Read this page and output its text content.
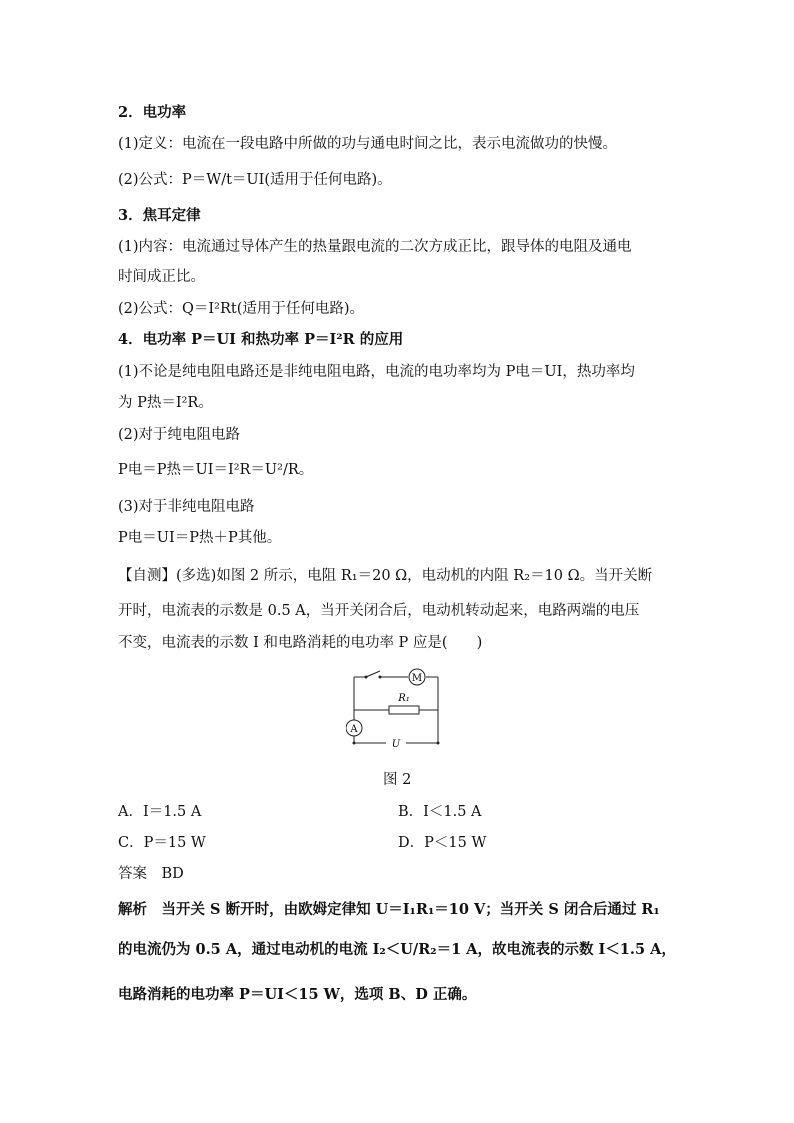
2．电功率
(1)定义：电流在一段电路中所做的功与通电时间之比，表示电流做功的快慢。
(2)公式：P＝W/t＝UI(适用于任何电路)。
3．焦耳定律
(1)内容：电流通过导体产生的热量跟电流的二次方成正比，跟导体的电阻及通电
时间成正比。
(2)公式：Q＝I²Rt(适用于任何电路)。
4．电功率 P＝UI 和热功率 P＝I²R 的应用
(1)不论是纯电阻电路还是非纯电阻电路，电流的电功率均为 P电＝UI，热功率均
为 P热＝I²R。
(2)对于纯电阻电路
P电＝P热＝UI＝I²R＝U²/R。
(3)对于非纯电阻电路
P电＝UI＝P热＋P其他。
【自测】(多选)如图 2 所示，电阻 R₁＝20 Ω，电动机的内阻 R₂＝10 Ω。当开关断
开时，电流表的示数是 0.5 A，当开关闭合后，电动机转动起来，电路两端的电压
不变，电流表的示数 I 和电路消耗的电功率 P 应是(　　)
M
A
R₁
U
图 2
A．I＝1.5 A	B．I＜1.5 A
C．P＝15 W	D．P＜15 W
答案　BD
解析　当开关 S 断开时，由欧姆定律知 U＝I₁R₁＝10 V；当开关 S 闭合后通过 R₁
的电流仍为 0.5 A，通过电动机的电流 I₂＜U/R₂＝1 A，故电流表的示数 I＜1.5 A，
电路消耗的电功率 P＝UI＜15 W，选项 B、D 正确。
